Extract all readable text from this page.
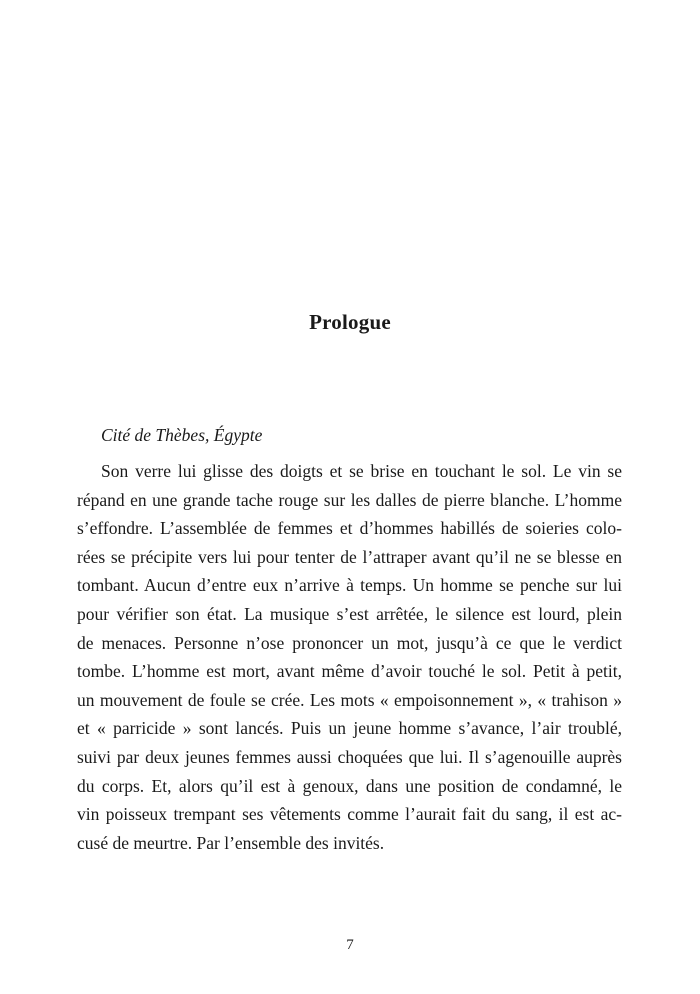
Prologue

Cité de Thèbes, Égypte

Son verre lui glisse des doigts et se brise en touchant le sol. Le vin se
répand en une grande tache rouge sur les dalles de pierre blanche. L’homme
s’effondre. L’assemblée de femmes et d’hommes habillés de soieries colo-
rées se précipite vers lui pour tenter de l’attraper avant qu’il ne se blesse en
tombant. Aucun d’entre eux n’arrive à temps. Un homme se penche sur lui
pour vérifier son état. La musique s’est arrêtée, le silence est lourd, plein
de menaces. Personne n’ose prononcer un mot, jusqu’à ce que le verdict
tombe. L’homme est mort, avant même d’avoir touché le sol. Petit à petit,
un mouvement de foule se crée. Les mots « empoisonnement », « trahison »
et « parricide » sont lancés. Puis un jeune homme s’avance, l’air troublé,
suivi par deux jeunes femmes aussi choquées que lui. Il s’agenouille auprès
du corps. Et, alors qu’il est à genoux, dans une position de condamné, le
vin poisseux trempant ses vêtements comme l’aurait fait du sang, il est ac-
cusé de meurtre. Par l’ensemble des invités.

7
